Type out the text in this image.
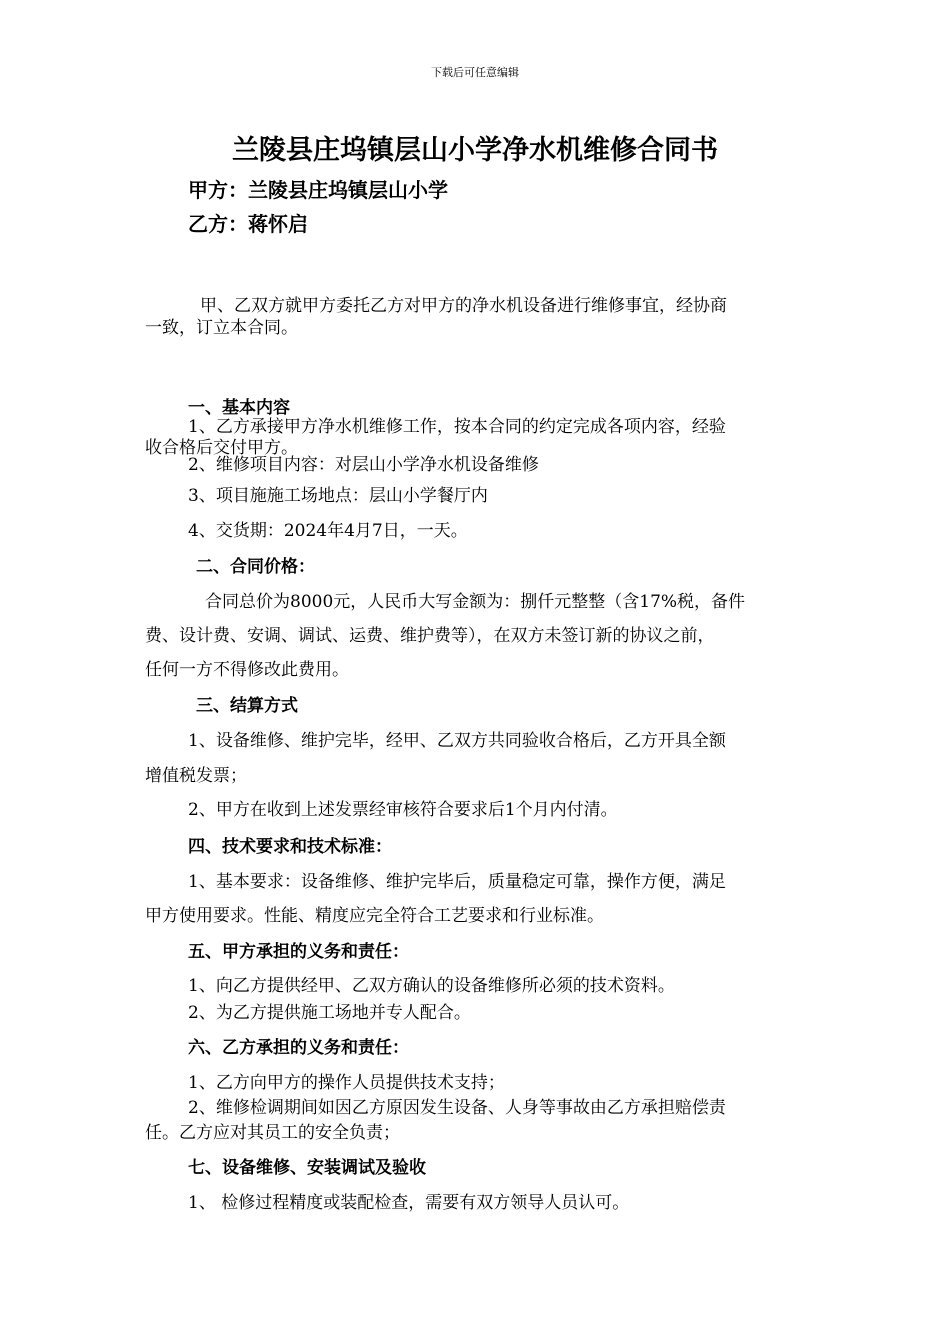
下载后可任意编辑
兰陵县庄坞镇层山小学净水机维修合同书
甲方：兰陵县庄坞镇层山小学
乙方：蒋怀启
甲、乙双方就甲方委托乙方对甲方的净水机设备进行维修事宜，经协商
一致，订立本合同。
一、基本内容
1、乙方承接甲方净水机维修工作，按本合同的约定完成各项内容，经验
收合格后交付甲方。
2、维修项目内容：对层山小学净水机设备维修
3、项目施施工场地点：层山小学餐厅内
4、交货期：2024年4月7日，一天。
二、合同价格：
合同总价为8000元，人民币大写金额为：捌仟元整整（含17%税，备件
费、设计费、安调、调试、运费、维护费等），在双方未签订新的协议之前，
任何一方不得修改此费用。
三、结算方式
1、设备维修、维护完毕，经甲、乙双方共同验收合格后，乙方开具全额
增值税发票；
2、甲方在收到上述发票经审核符合要求后1个月内付清。
四、技术要求和技术标准：
1、基本要求：设备维修、维护完毕后，质量稳定可靠，操作方便，满足
甲方使用要求。性能、精度应完全符合工艺要求和行业标准。
五、甲方承担的义务和责任：
1、向乙方提供经甲、乙双方确认的设备维修所必须的技术资料。
2、为乙方提供施工场地并专人配合。
六、乙方承担的义务和责任：
1、乙方向甲方的操作人员提供技术支持；
2、维修检调期间如因乙方原因发生设备、人身等事故由乙方承担赔偿责
任。乙方应对其员工的安全负责；
七、设备维修、安装调试及验收
1、 检修过程精度或装配检查，需要有双方领导人员认可。
